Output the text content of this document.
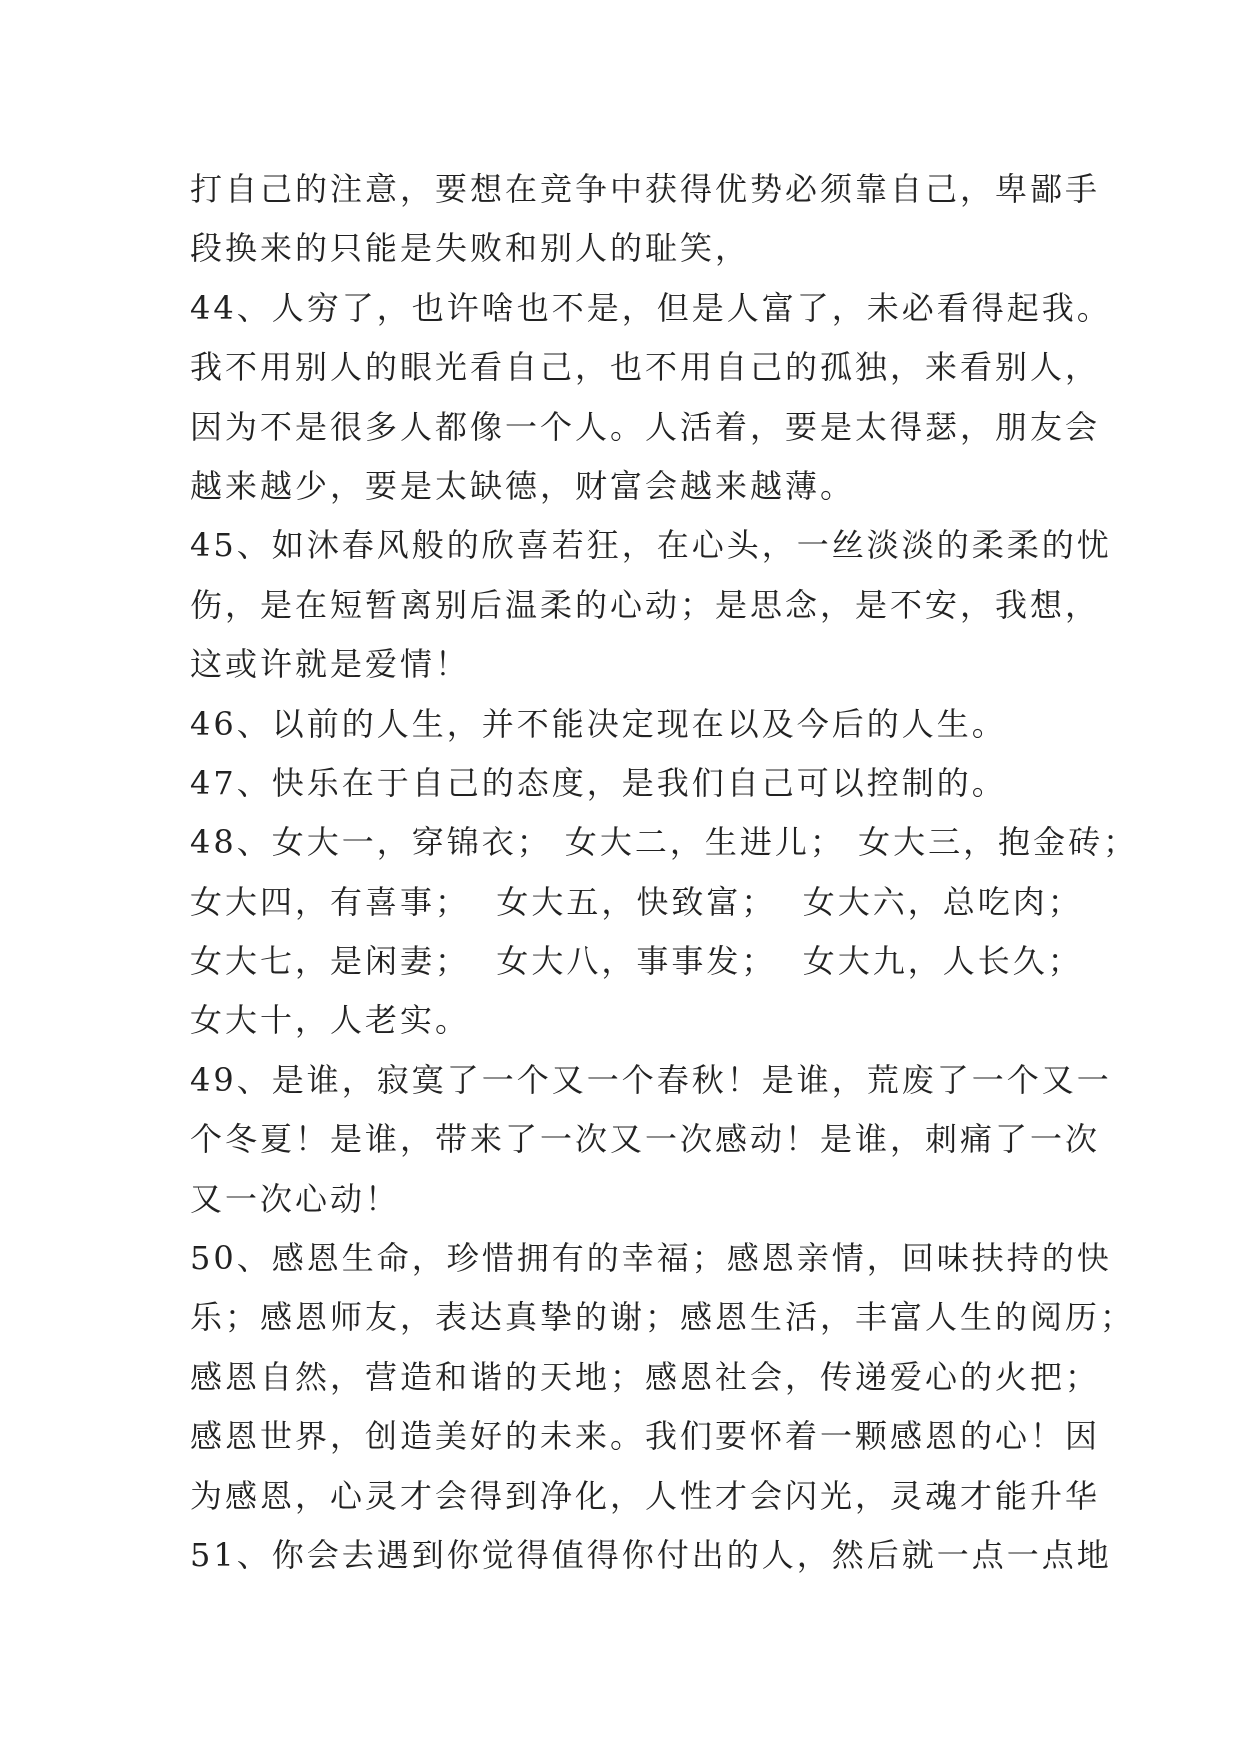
打自己的注意，要想在竞争中获得优势必须靠自己，卑鄙手

段换来的只能是失败和别人的耻笑，

44、人穷了，也许啥也不是，但是人富了，未必看得起我。

我不用别人的眼光看自己，也不用自己的孤独，来看别人，

因为不是很多人都像一个人。人活着，要是太得瑟，朋友会

越来越少，要是太缺德，财富会越来越薄。

45、如沐春风般的欣喜若狂，在心头，一丝淡淡的柔柔的忧

伤，是在短暂离别后温柔的心动；是思念，是不安，我想，

这或许就是爱情！

46、以前的人生，并不能决定现在以及今后的人生。

47、快乐在于自己的态度，是我们自己可以控制的。

48、女大一，穿锦衣； 女大二，生进儿； 女大三，抱金砖；

女大四，有喜事；  女大五，快致富；  女大六，总吃肉；

女大七，是闲妻；  女大八，事事发；  女大九，人长久；

女大十，人老实。

49、是谁，寂寞了一个又一个春秋！是谁，荒废了一个又一

个冬夏！是谁，带来了一次又一次感动！是谁，刺痛了一次

又一次心动！

50、感恩生命，珍惜拥有的幸福；感恩亲情，回味扶持的快

乐；感恩师友，表达真挚的谢；感恩生活，丰富人生的阅历；

感恩自然，营造和谐的天地；感恩社会，传递爱心的火把；

感恩世界，创造美好的未来。我们要怀着一颗感恩的心！因

为感恩，心灵才会得到净化，人性才会闪光，灵魂才能升华

51、你会去遇到你觉得值得你付出的人，然后就一点一点地
